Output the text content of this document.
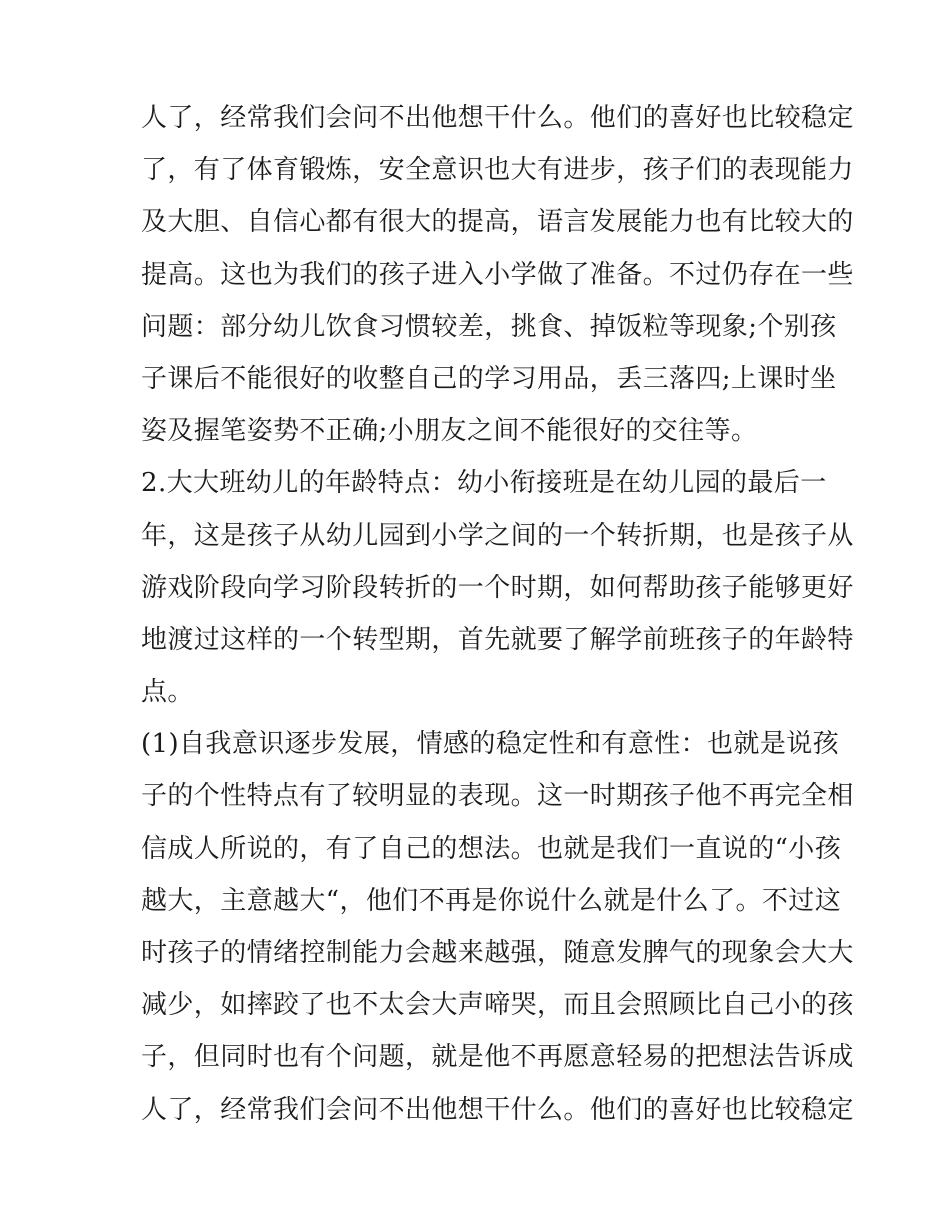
人了，经常我们会问不出他想干什么。他们的喜好也比较稳定
了，有了体育锻炼，安全意识也大有进步，孩子们的表现能力
及大胆、自信心都有很大的提高，语言发展能力也有比较大的
提高。这也为我们的孩子进入小学做了准备。不过仍存在一些
问题：部分幼儿饮食习惯较差，挑食、掉饭粒等现象;个别孩
子课后不能很好的收整自己的学习用品，丢三落四;上课时坐
姿及握笔姿势不正确;小朋友之间不能很好的交往等。
2.大大班幼儿的年龄特点：幼小衔接班是在幼儿园的最后一
年，这是孩子从幼儿园到小学之间的一个转折期，也是孩子从
游戏阶段向学习阶段转折的一个时期，如何帮助孩子能够更好
地渡过这样的一个转型期，首先就要了解学前班孩子的年龄特
点。
(1)自我意识逐步发展，情感的稳定性和有意性：也就是说孩
子的个性特点有了较明显的表现。这一时期孩子他不再完全相
信成人所说的，有了自己的想法。也就是我们一直说的“小孩
越大，主意越大“，他们不再是你说什么就是什么了。不过这
时孩子的情绪控制能力会越来越强，随意发脾气的现象会大大
减少，如摔跤了也不太会大声啼哭，而且会照顾比自己小的孩
子，但同时也有个问题，就是他不再愿意轻易的把想法告诉成
人了，经常我们会问不出他想干什么。他们的喜好也比较稳定
